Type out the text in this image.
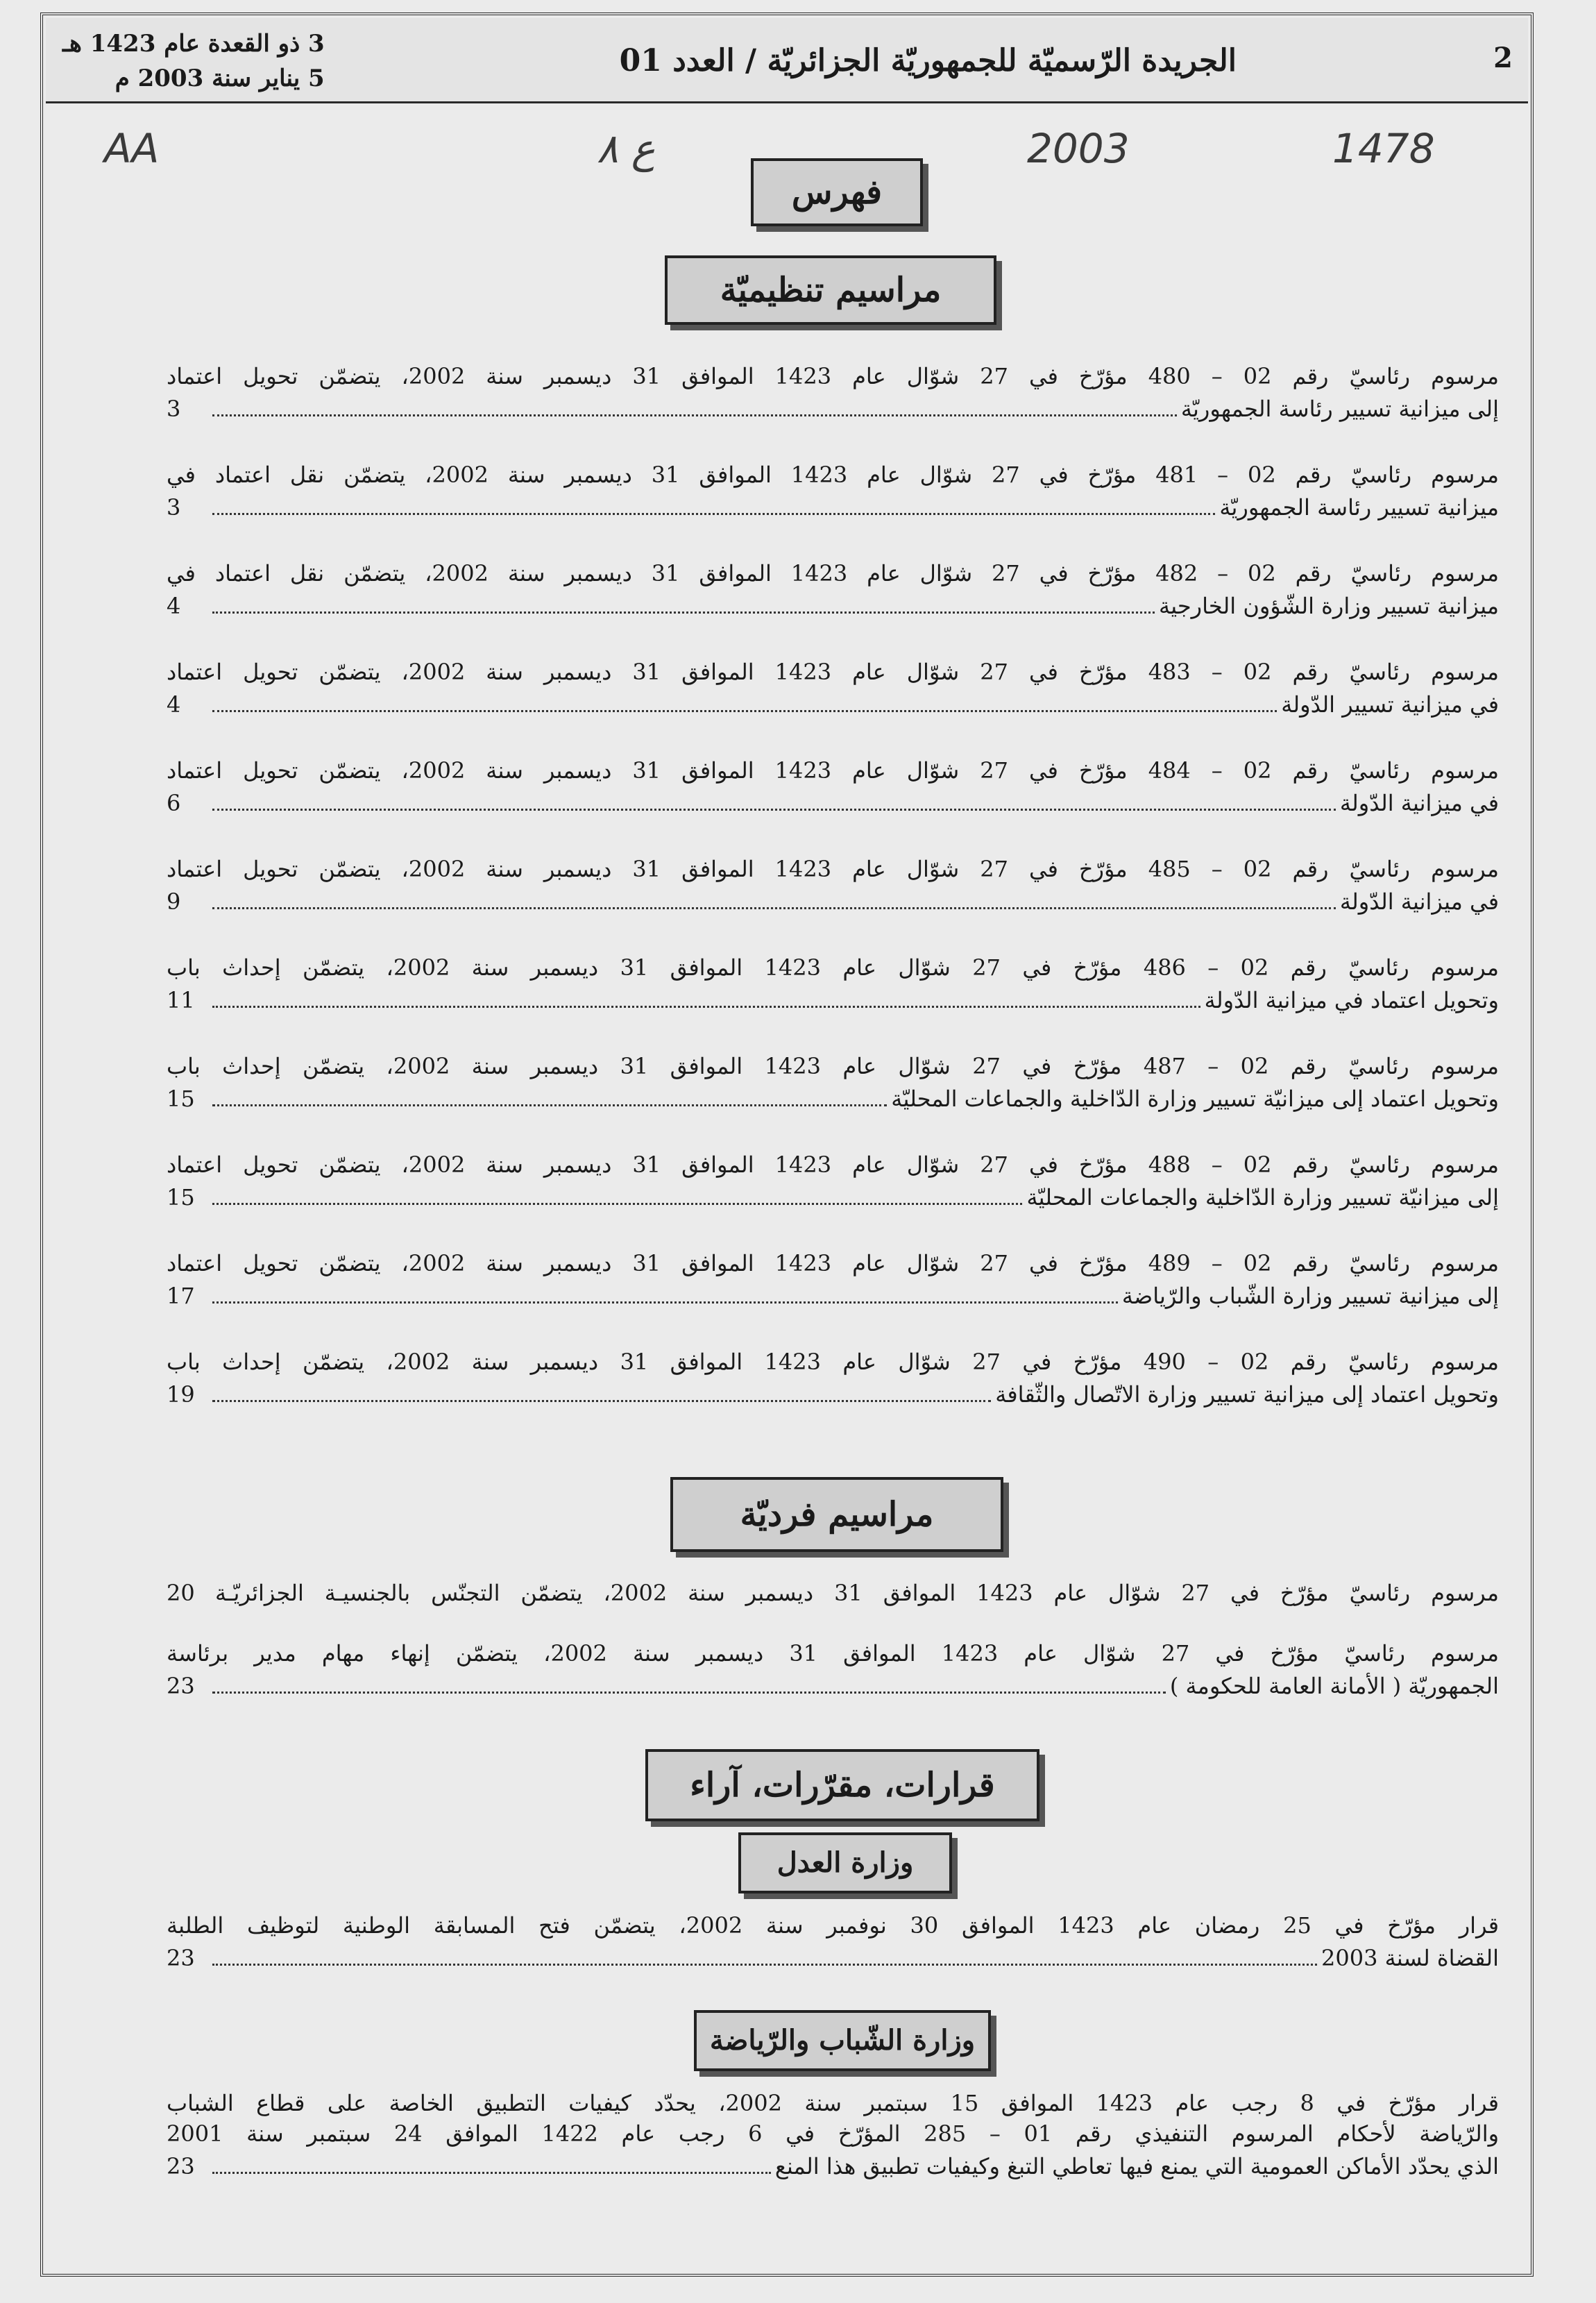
2
الجريدة الرّسميّة للجمهوريّة الجزائريّة / العدد 01
3 ذو القعدة عام 1423 هـ
5 يناير سنة 2003 م
AA	ع ٨	2003	1478
فهرس
مراسيم تنظيميّة
مرسوم رئاسيّ رقم 02 – 480 مؤرّخ في 27 شوّال عام 1423 الموافق 31 ديسمبر سنة 2002، يتضمّن تحويل اعتماد
إلى ميزانية تسيير رئاسة الجمهوريّة
3
مرسوم رئاسيّ رقم 02 – 481 مؤرّخ في 27 شوّال عام 1423 الموافق 31 ديسمبر سنة 2002، يتضمّن نقل اعتماد في
ميزانية تسيير رئاسة الجمهوريّة
3
مرسوم رئاسيّ رقم 02 – 482 مؤرّخ في 27 شوّال عام 1423 الموافق 31 ديسمبر سنة 2002، يتضمّن نقل اعتماد في
ميزانية تسيير وزارة الشّؤون الخارجية
4
مرسوم رئاسيّ رقم 02 – 483 مؤرّخ في 27 شوّال عام 1423 الموافق 31 ديسمبر سنة 2002، يتضمّن تحويل اعتماد
في ميزانية تسيير الدّولة
4
مرسوم رئاسيّ رقم 02 – 484 مؤرّخ في 27 شوّال عام 1423 الموافق 31 ديسمبر سنة 2002، يتضمّن تحويل اعتماد
في ميزانية الدّولة
6
مرسوم رئاسيّ رقم 02 – 485 مؤرّخ في 27 شوّال عام 1423 الموافق 31 ديسمبر سنة 2002، يتضمّن تحويل اعتماد
في ميزانية الدّولة
9
مرسوم رئاسيّ رقم 02 – 486 مؤرّخ في 27 شوّال عام 1423 الموافق 31 ديسمبر سنة 2002، يتضمّن إحداث باب
وتحويل اعتماد في ميزانية الدّولة
11
مرسوم رئاسيّ رقم 02 – 487 مؤرّخ في 27 شوّال عام 1423 الموافق 31 ديسمبر سنة 2002، يتضمّن إحداث باب
وتحويل اعتماد إلى ميزانيّة تسيير وزارة الدّاخلية والجماعات المحليّة
15
مرسوم رئاسيّ رقم 02 – 488 مؤرّخ في 27 شوّال عام 1423 الموافق 31 ديسمبر سنة 2002، يتضمّن تحويل اعتماد
إلى ميزانيّة تسيير وزارة الدّاخلية والجماعات المحليّة
15
مرسوم رئاسيّ رقم 02 – 489 مؤرّخ في 27 شوّال عام 1423 الموافق 31 ديسمبر سنة 2002، يتضمّن تحويل اعتماد
إلى ميزانية تسيير وزارة الشّباب والرّياضة
17
مرسوم رئاسيّ رقم 02 – 490 مؤرّخ في 27 شوّال عام 1423 الموافق 31 ديسمبر سنة 2002، يتضمّن إحداث باب
وتحويل اعتماد إلى ميزانية تسيير وزارة الاتّصال والثّقافة
19
مراسيم فرديّة
مرسوم رئاسيّ مؤرّخ في 27 شوّال عام 1423 الموافق 31 ديسمبر سنة 2002، يتضمّن التجنّس بالجنسيـة الجزائريّـة
20
مرسوم رئاسيّ مؤرّخ في 27 شوّال عام 1423 الموافق 31 ديسمبر سنة 2002، يتضمّن إنهاء مهام مدير برئاسة
الجمهوريّة ( الأمانة العامة للحكومة )
23
قرارات، مقرّرات، آراء
وزارة العدل
قرار مؤرّخ في 25 رمضان عام 1423 الموافق 30 نوفمبر سنة 2002، يتضمّن فتح المسابقة الوطنية لتوظيف الطلبة
القضاة لسنة 2003
23
وزارة الشّباب والرّياضة
قرار مؤرّخ في 8 رجب عام 1423 الموافق 15 سبتمبر سنة 2002، يحدّد كيفيات التطبيق الخاصة على قطاع الشباب
والرّياضة لأحكام المرسوم التنفيذي رقم 01 – 285 المؤرّخ في 6 رجب عام 1422 الموافق 24 سبتمبر سنة 2001
الذي يحدّد الأماكن العمومية التي يمنع فيها تعاطي التبغ وكيفيات تطبيق هذا المنع
23
